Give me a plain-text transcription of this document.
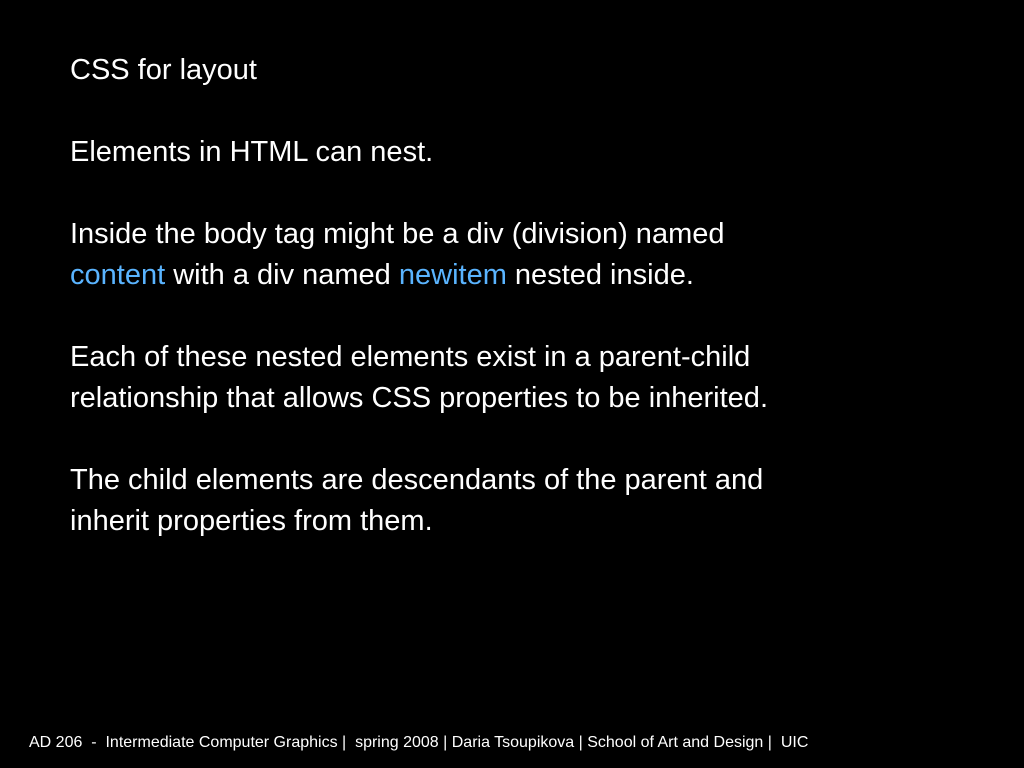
CSS for layout

Elements in HTML can nest.

Inside the body tag might be a div (division) named
content with a div named newitem nested inside.

Each of these nested elements exist in a parent-child
relationship that allows CSS properties to be inherited.

The child elements are descendants of the parent and
inherit properties from them.

AD 206  -  Intermediate Computer Graphics |  spring 2008 | Daria Tsoupikova | School of Art and Design |  UIC
